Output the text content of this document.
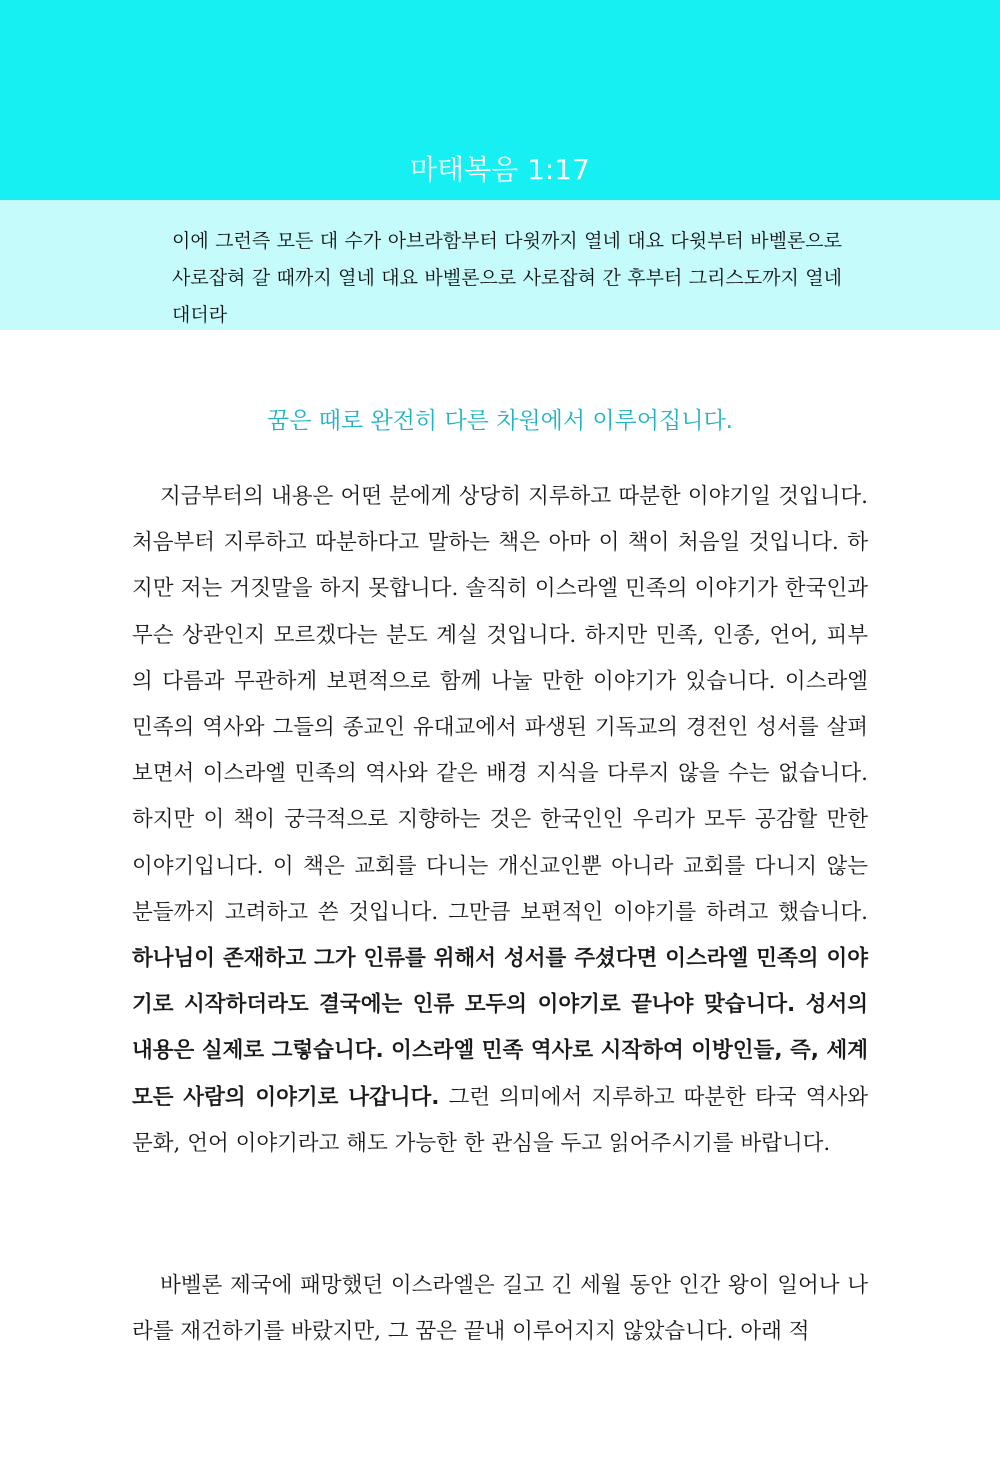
마태복음 1:17
이에 그런즉 모든 대 수가 아브라함부터 다윗까지 열네 대요 다윗부터 바벨론으로 사로잡혀 갈 때까지 열네 대요 바벨론으로 사로잡혀 간 후부터 그리스도까지 열네 대더라
꿈은 때로 완전히 다른 차원에서 이루어집니다.

지금부터의 내용은 어떤 분에게 상당히 지루하고 따분한 이야기일 것입니다. 처음부터 지루하고 따분하다고 말하는 책은 아마 이 책이 처음일 것입니다. 하지만 저는 거짓말을 하지 못합니다. 솔직히 이스라엘 민족의 이야기가 한국인과 무슨 상관인지 모르겠다는 분도 계실 것입니다. 하지만 민족, 인종, 언어, 피부의 다름과 무관하게 보편적으로 함께 나눌 만한 이야기가 있습니다. 이스라엘 민족의 역사와 그들의 종교인 유대교에서 파생된 기독교의 경전인 성서를 살펴보면서 이스라엘 민족의 역사와 같은 배경 지식을 다루지 않을 수는 없습니다. 하지만 이 책이 궁극적으로 지향하는 것은 한국인인 우리가 모두 공감할 만한 이야기입니다. 이 책은 교회를 다니는 개신교인뿐 아니라 교회를 다니지 않는 분들까지 고려하고 쓴 것입니다. 그만큼 보편적인 이야기를 하려고 했습니다. 하나님이 존재하고 그가 인류를 위해서 성서를 주셨다면 이스라엘 민족의 이야기로 시작하더라도 결국에는 인류 모두의 이야기로 끝나야 맞습니다. 성서의 내용은 실제로 그렇습니다. 이스라엘 민족 역사로 시작하여 이방인들, 즉, 세계 모든 사람의 이야기로 나갑니다. 그런 의미에서 지루하고 따분한 타국 역사와 문화, 언어 이야기라고 해도 가능한 한 관심을 두고 읽어주시기를 바랍니다.

바벨론 제국에 패망했던 이스라엘은 길고 긴 세월 동안 인간 왕이 일어나 나라를 재건하기를 바랐지만, 그 꿈은 끝내 이루어지지 않았습니다. 아래 적
